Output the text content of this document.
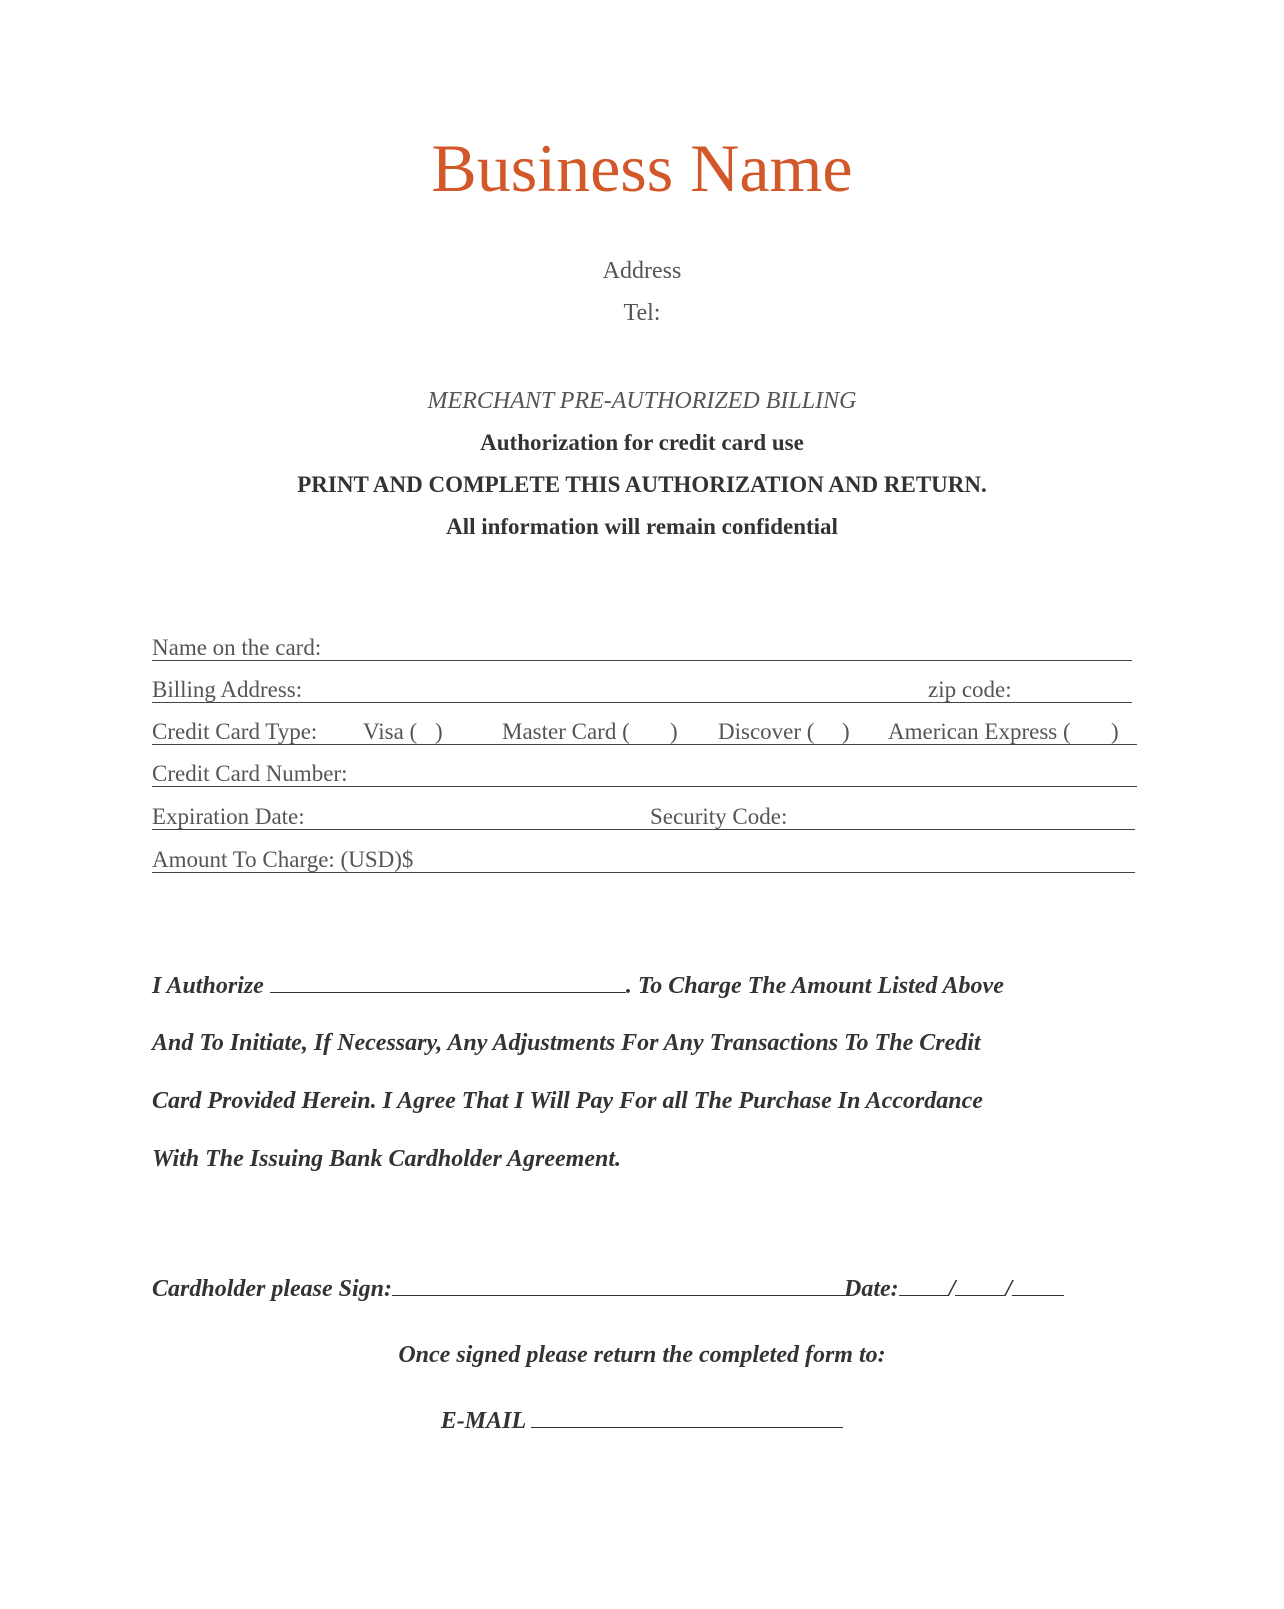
Business Name
Address
Tel:
MERCHANT PRE-AUTHORIZED BILLING
Authorization for credit card use
PRINT AND COMPLETE THIS AUTHORIZATION AND RETURN.
All information will remain confidential
Name on the card:
Billing Address:	zip code:
Credit Card Type: Visa ( )	Master Card ( ) Discover ( ) American Express ( )
Credit Card Number:
Expiration Date:	Security Code:
Amount To Charge: (USD)$
I Authorize	. To Charge The Amount Listed Above
And To Initiate, If Necessary, Any Adjustments For Any Transactions To The Credit
Card Provided Herein. I Agree That I Will Pay For all The Purchase In Accordance
With The Issuing Bank Cardholder Agreement.
Cardholder please Sign:	Date: / /
Once signed please return the completed form to:
E-MAIL
